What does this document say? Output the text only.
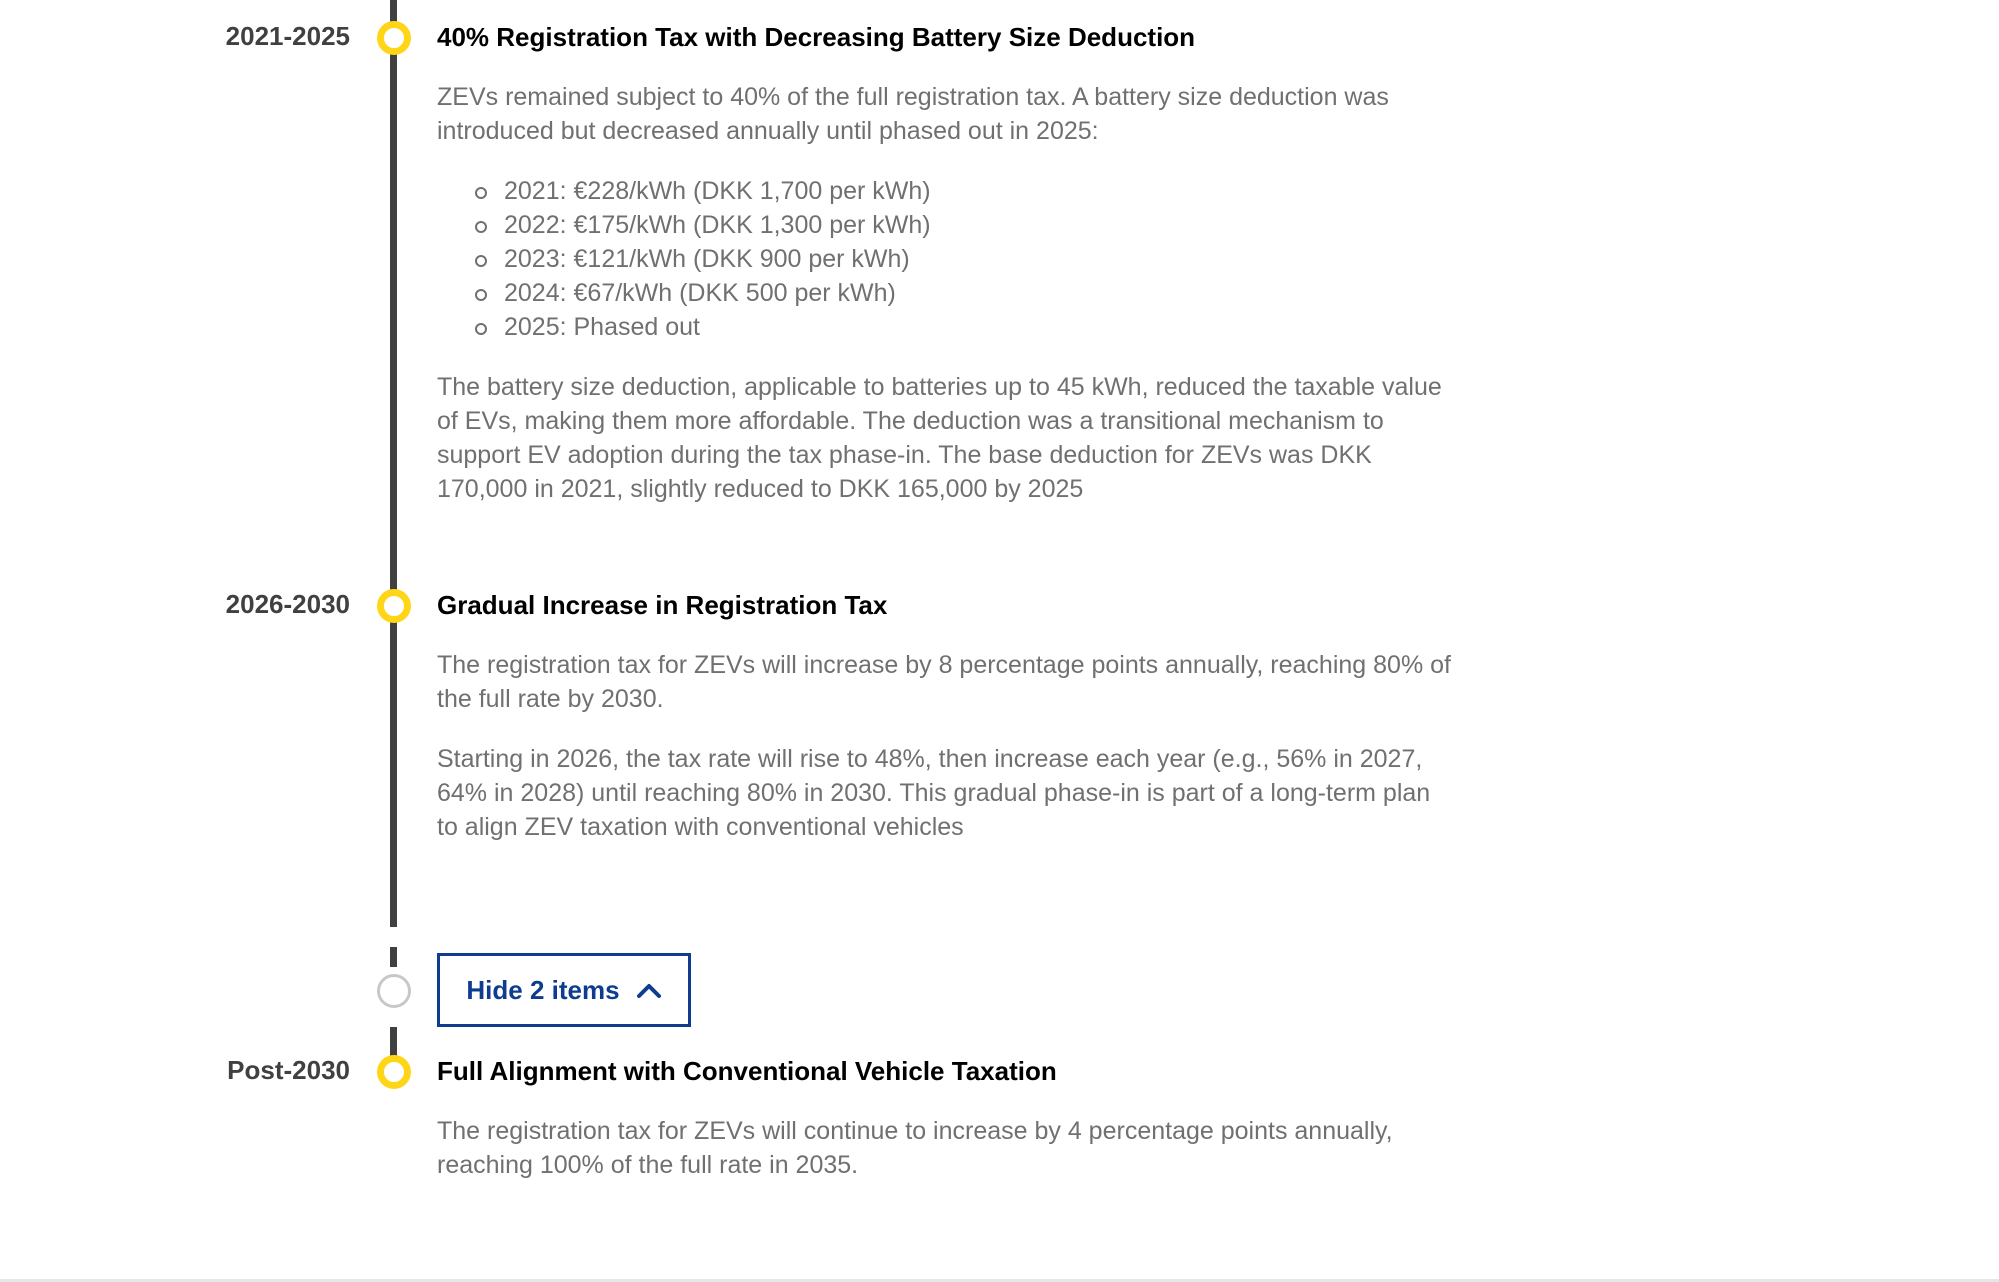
2021-2025	40% Registration Tax with Decreasing Battery Size Deduction

ZEVs remained subject to 40% of the full registration tax. A battery size deduction was introduced but decreased annually until phased out in 2025:

2021: €228/kWh (DKK 1,700 per kWh)
2022: €175/kWh (DKK 1,300 per kWh)
2023: €121/kWh (DKK 900 per kWh)
2024: €67/kWh (DKK 500 per kWh)
2025: Phased out

The battery size deduction, applicable to batteries up to 45 kWh, reduced the taxable value of EVs, making them more affordable. The deduction was a transitional mechanism to support EV adoption during the tax phase-in. The base deduction for ZEVs was DKK 170,000 in 2021, slightly reduced to DKK 165,000 by 2025

2026-2030	Gradual Increase in Registration Tax

The registration tax for ZEVs will increase by 8 percentage points annually, reaching 80% of the full rate by 2030.

Starting in 2026, the tax rate will rise to 48%, then increase each year (e.g., 56% in 2027, 64% in 2028) until reaching 80% in 2030. This gradual phase-in is part of a long-term plan to align ZEV taxation with conventional vehicles

Hide 2 items
Post-2030	Full Alignment with Conventional Vehicle Taxation

The registration tax for ZEVs will continue to increase by 4 percentage points annually, reaching 100% of the full rate in 2035.
